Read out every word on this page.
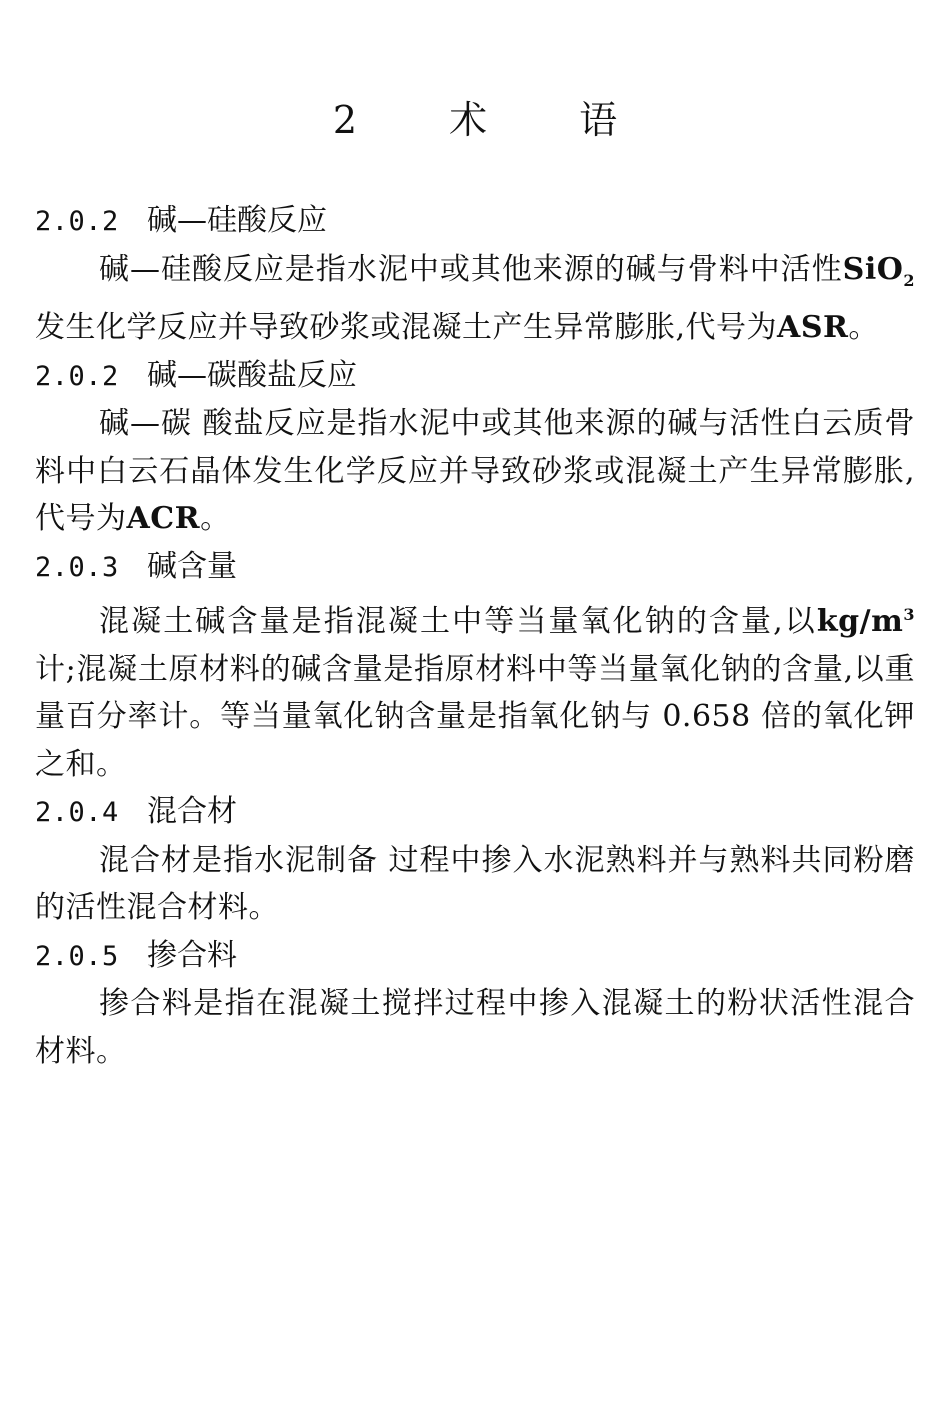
2 术 语
2.0.2 碱—硅酸反应

碱—硅酸反应是指水泥中或其他来源的碱与骨料中活性SiO$_2$ 发生化学反应并导致砂浆或混凝土产生异常膨胀,代号为ASR。

2.0.2 碱—碳酸盐反应

碱—碳 酸盐反应是指水泥中或其他来源的碱与活性白云质骨料中白云石晶体发生化学反应并导致砂浆或混凝土产生异常膨胀,代号为ACR。

2.0.3 碱含量

混凝土碱含量是指混凝土中等当量氧化钠的含量,以$kg/m^3$计;混凝土原材料的碱含量是指原材料中等当量氧化钠的含量,以重量百分率计。等当量氧化钠含量是指氧化钠与 0.658 倍的氧化钾之和。

2.0.4 混合材

混合材是指水泥制备 过程中掺入水泥熟料并与熟料共同粉磨的活性混合材料。

2.0.5 掺合料

掺合料是指在混凝土搅拌过程中掺入混凝土的粉状活性混合材料。
